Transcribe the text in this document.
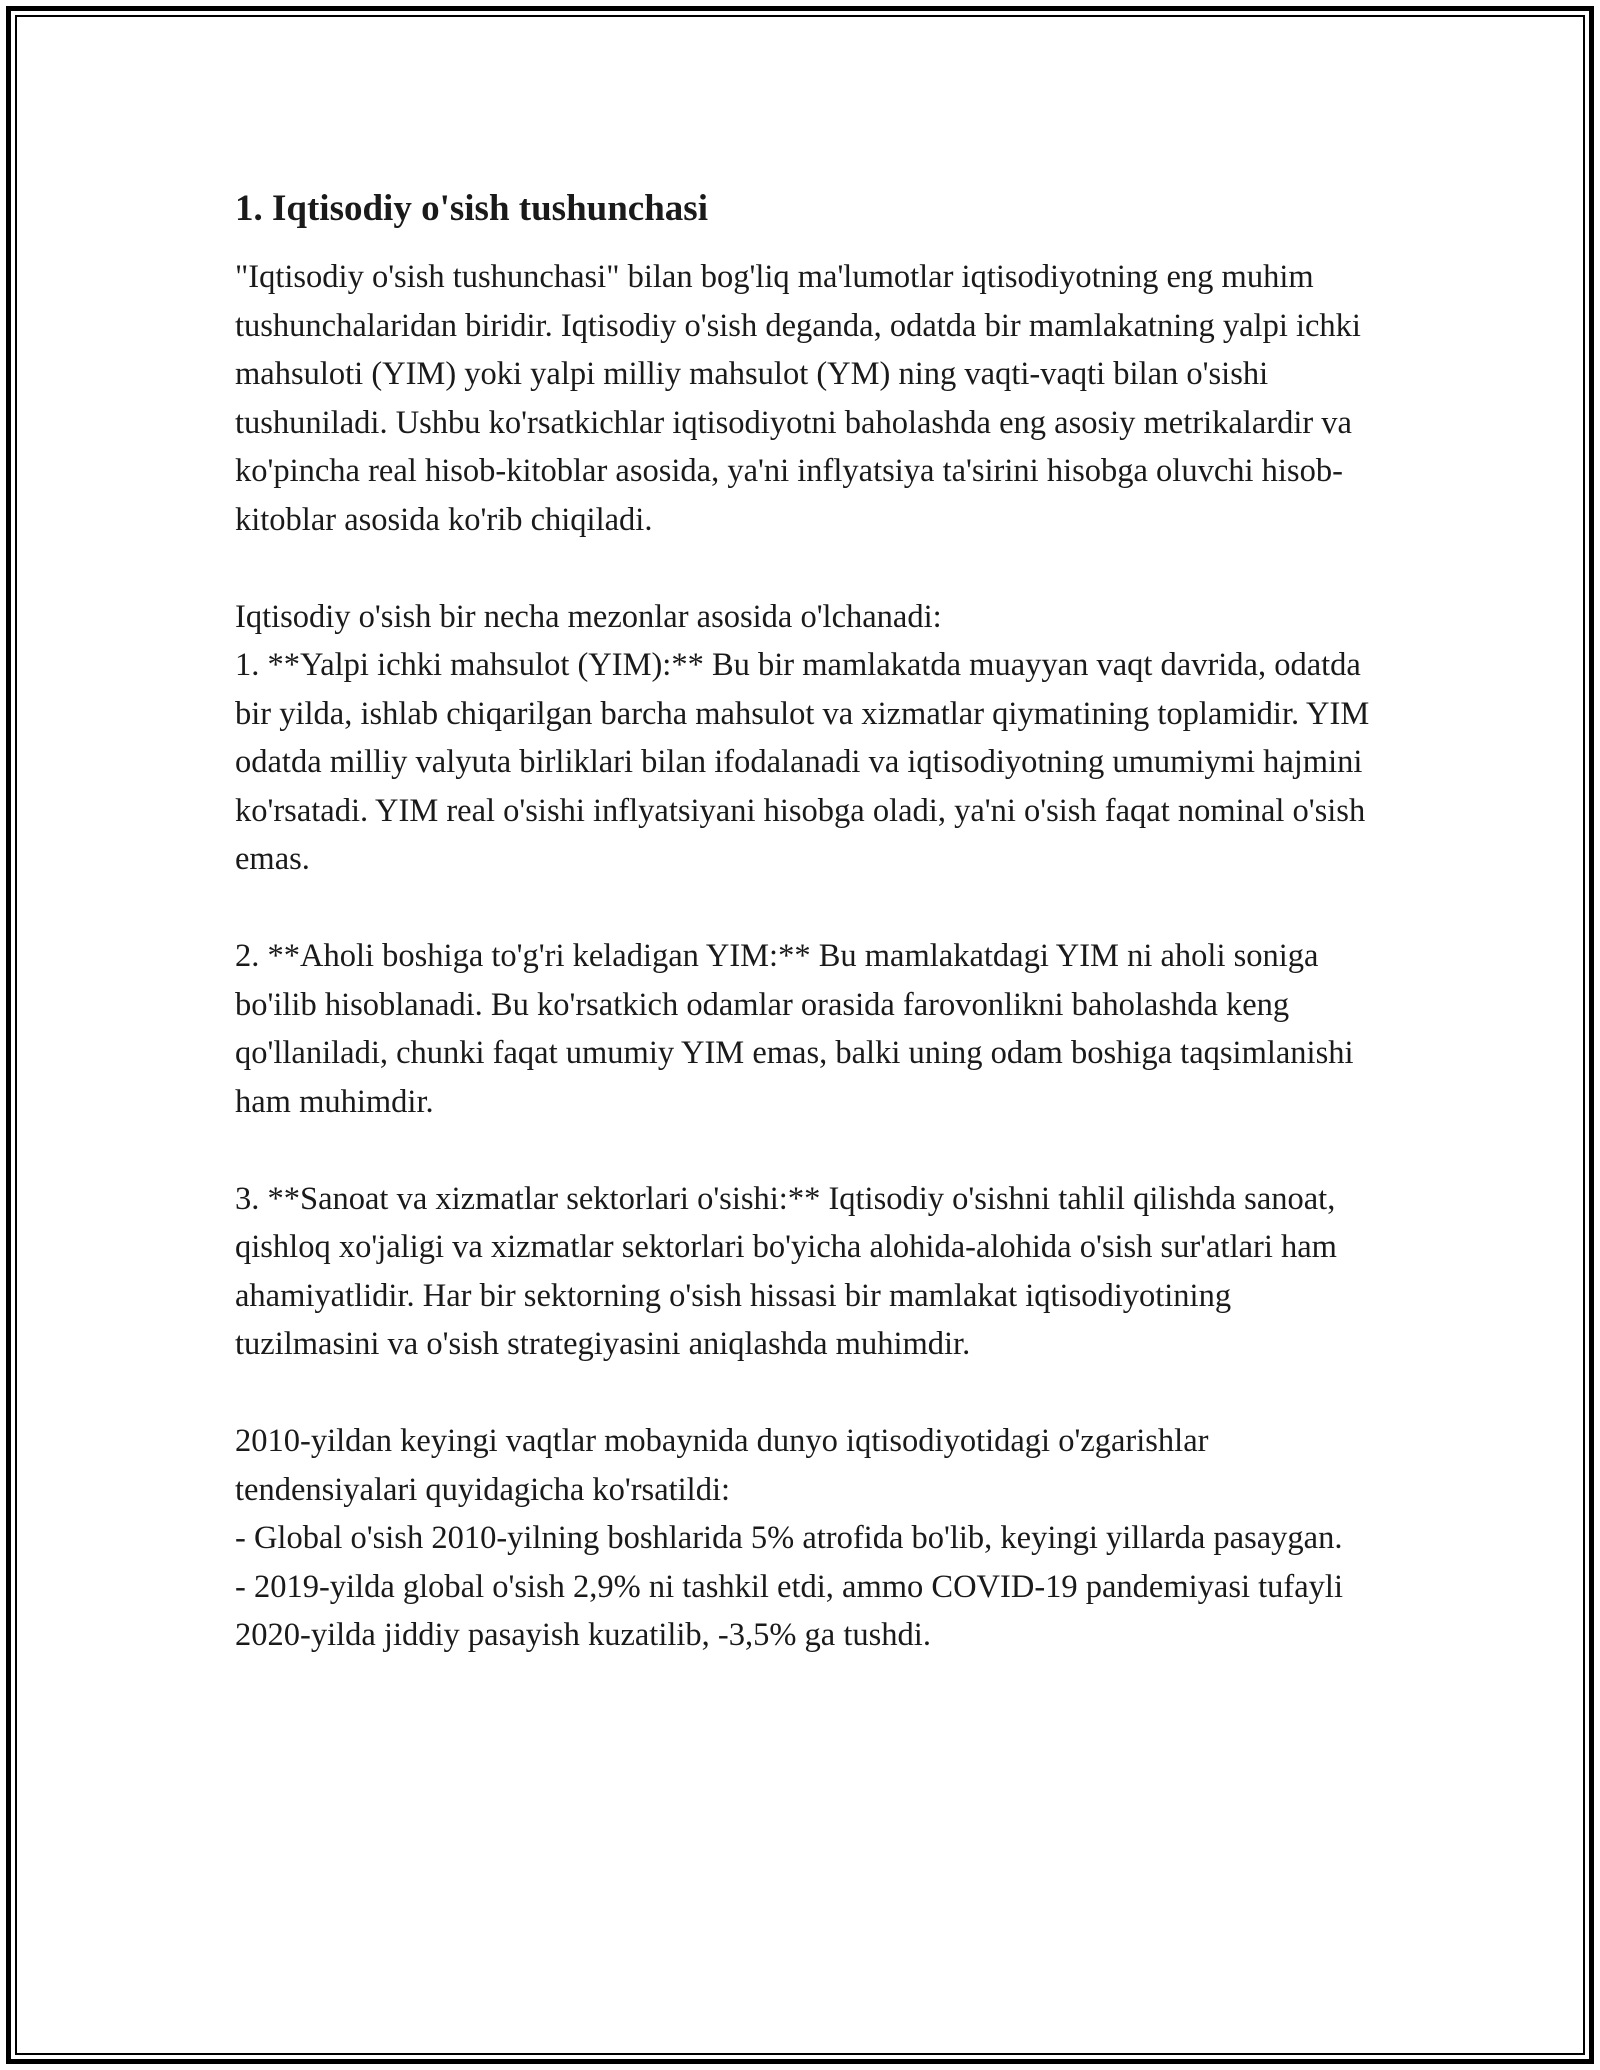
1. Iqtisodiy o'sish tushunchasi

"Iqtisodiy o'sish tushunchasi" bilan bog'liq ma'lumotlar iqtisodiyotning eng muhim tushunchalaridan biridir. Iqtisodiy o'sish deganda, odatda bir mamlakatning yalpi ichki mahsuloti (YIM) yoki yalpi milliy mahsulot (YM) ning vaqti-vaqti bilan o'sishi tushuniladi. Ushbu ko'rsatkichlar iqtisodiyotni baholashda eng asosiy metrikalardir va ko'pincha real hisob-kitoblar asosida, ya'ni inflyatsiya ta'sirini hisobga oluvchi hisob-kitoblar asosida ko'rib chiqiladi.

Iqtisodiy o'sish bir necha mezonlar asosida o'lchanadi:

1. **Yalpi ichki mahsulot (YIM):** Bu bir mamlakatda muayyan vaqt davrida, odatda bir yilda, ishlab chiqarilgan barcha mahsulot va xizmatlar qiymatining toplamidir. YIM odatda milliy valyuta birliklari bilan ifodalanadi va iqtisodiyotning umumiymi hajmini ko'rsatadi. YIM real o'sishi inflyatsiyani hisobga oladi, ya'ni o'sish faqat nominal o'sish emas.

2. **Aholi boshiga to'g'ri keladigan YIM:** Bu mamlakatdagi YIM ni aholi soniga bo'ilib hisoblanadi. Bu ko'rsatkich odamlar orasida farovonlikni baholashda keng qo'llaniladi, chunki faqat umumiy YIM emas, balki uning odam boshiga taqsimlanishi ham muhimdir.

3. **Sanoat va xizmatlar sektorlari o'sishi:** Iqtisodiy o'sishni tahlil qilishda sanoat, qishloq xo'jaligi va xizmatlar sektorlari bo'yicha alohida-alohida o'sish sur'atlari ham ahamiyatlidir. Har bir sektorning o'sish hissasi bir mamlakat iqtisodiyotining tuzilmasini va o'sish strategiyasini aniqlashda muhimdir.

2010-yildan keyingi vaqtlar mobaynida dunyo iqtisodiyotidagi o'zgarishlar tendensiyalari quyidagicha ko'rsatildi:

- Global o'sish 2010-yilning boshlarida 5% atrofida bo'lib, keyingi yillarda pasaygan.

- 2019-yilda global o'sish 2,9% ni tashkil etdi, ammo COVID-19 pandemiyasi tufayli 2020-yilda jiddiy pasayish kuzatilib, -3,5% ga tushdi.
